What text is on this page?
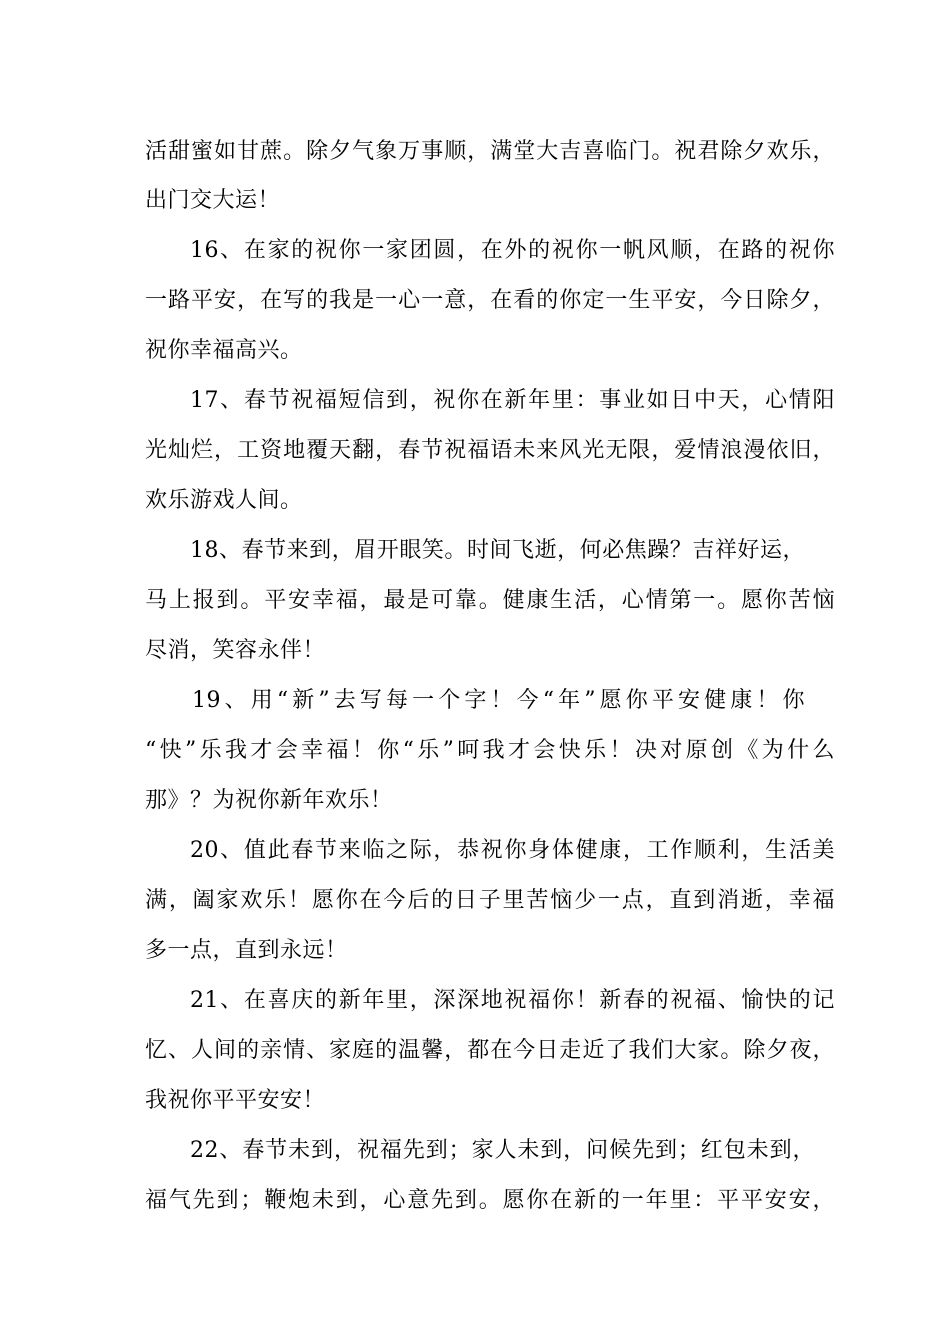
活甜蜜如甘蔗。除夕气象万事顺，满堂大吉喜临门。祝君除夕欢乐，
出门交大运！
16、在家的祝你一家团圆，在外的祝你一帆风顺，在路的祝你
一路平安，在写的我是一心一意，在看的你定一生平安，今日除夕，
祝你幸福高兴。
17、春节祝福短信到，祝你在新年里：事业如日中天，心情阳
光灿烂，工资地覆天翻，春节祝福语未来风光无限，爱情浪漫依旧，
欢乐游戏人间。
18、春节来到，眉开眼笑。时间飞逝，何必焦躁？吉祥好运，
马上报到。平安幸福，最是可靠。健康生活，心情第一。愿你苦恼
尽消，笑容永伴！
19、用“新”去写每一个字！今“年”愿你平安健康！你
“快”乐我才会幸福！你“乐”呵我才会快乐！决对原创《为什么
那》？为祝你新年欢乐！
20、值此春节来临之际，恭祝你身体健康，工作顺利，生活美
满，阖家欢乐！愿你在今后的日子里苦恼少一点，直到消逝，幸福
多一点，直到永远！
21、在喜庆的新年里，深深地祝福你！新春的祝福、愉快的记
忆、人间的亲情、家庭的温馨，都在今日走近了我们大家。除夕夜，
我祝你平平安安！
22、春节未到，祝福先到；家人未到，问候先到；红包未到，
福气先到；鞭炮未到，心意先到。愿你在新的一年里：平平安安，
